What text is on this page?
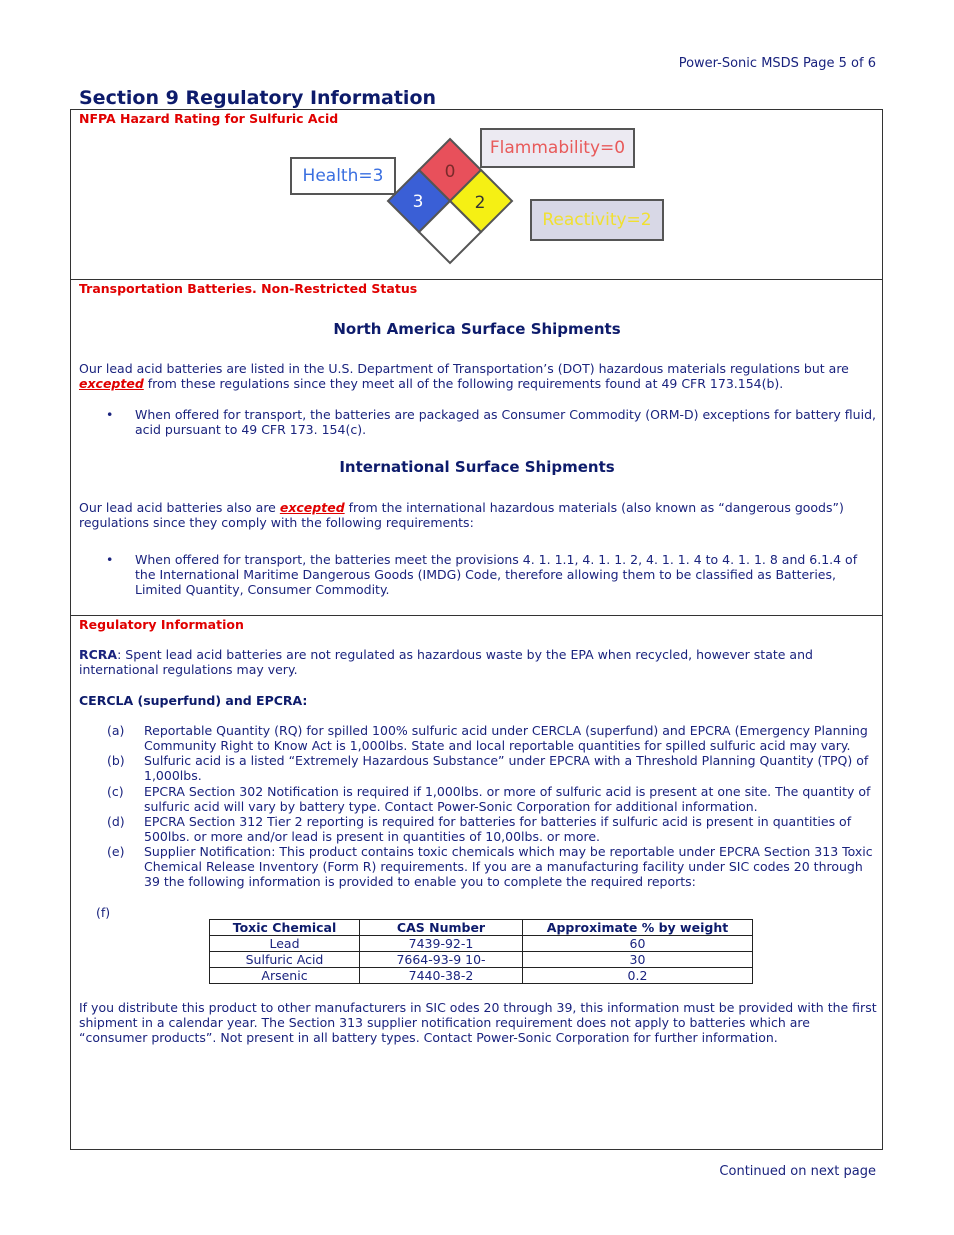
Power-Sonic MSDS Page 5 of 6
Section 9 Regulatory Information
NFPA Hazard Rating for Sulfuric Acid
0
3	2
Health=3
Flammability=0
Reactivity=2
Transportation Batteries. Non-Restricted Status
North America Surface Shipments
Our lead acid batteries are listed in the U.S. Department of Transportation’s (DOT) hazardous materials regulations but are excepted from these regulations since they meet all of the following requirements found at 49 CFR 173.154(b).
• When offered for transport, the batteries are packaged as Consumer Commodity (ORM-D) exceptions for battery fluid, acid pursuant to 49 CFR 173. 154(c).
International Surface Shipments
Our lead acid batteries also are excepted from the international hazardous materials (also known as “dangerous goods”) regulations since they comply with the following requirements:
• When offered for transport, the batteries meet the provisions 4. 1. 1.1, 4. 1. 1. 2, 4. 1. 1. 4 to 4. 1. 1. 8 and 6.1.4 of the International Maritime Dangerous Goods (IMDG) Code, therefore allowing them to be classified as Batteries, Limited Quantity, Consumer Commodity.
Regulatory Information
RCRA: Spent lead acid batteries are not regulated as hazardous waste by the EPA when recycled, however state and international regulations may very.
CERCLA (superfund) and EPCRA:
(a) Reportable Quantity (RQ) for spilled 100% sulfuric acid under CERCLA (superfund) and EPCRA (Emergency Planning Community Right to Know Act is 1,000lbs. State and local reportable quantities for spilled sulfuric acid may vary.
(b) Sulfuric acid is a listed “Extremely Hazardous Substance” under EPCRA with a Threshold Planning Quantity (TPQ) of 1,000lbs.
(c) EPCRA Section 302 Notification is required if 1,000lbs. or more of sulfuric acid is present at one site. The quantity of sulfuric acid will vary by battery type. Contact Power-Sonic Corporation for additional information.
(d) EPCRA Section 312 Tier 2 reporting is required for batteries for batteries if sulfuric acid is present in quantities of 500lbs. or more and/or lead is present in quantities of 10,00lbs. or more.
(e) Supplier Notification: This product contains toxic chemicals which may be reportable under EPCRA Section 313 Toxic Chemical Release Inventory (Form R) requirements. If you are a manufacturing facility under SIC codes 20 through 39 the following information is provided to enable you to complete the required reports:
(f)
Toxic Chemical	CAS Number	Approximate % by weight
Lead	7439-92-1	60
Sulfuric Acid	7664-93-9 10-	30
Arsenic	7440-38-2	0.2
If you distribute this product to other manufacturers in SIC odes 20 through 39, this information must be provided with the first shipment in a calendar year. The Section 313 supplier notification requirement does not apply to batteries which are “consumer products”. Not present in all battery types. Contact Power-Sonic Corporation for further information.
Continued on next page
